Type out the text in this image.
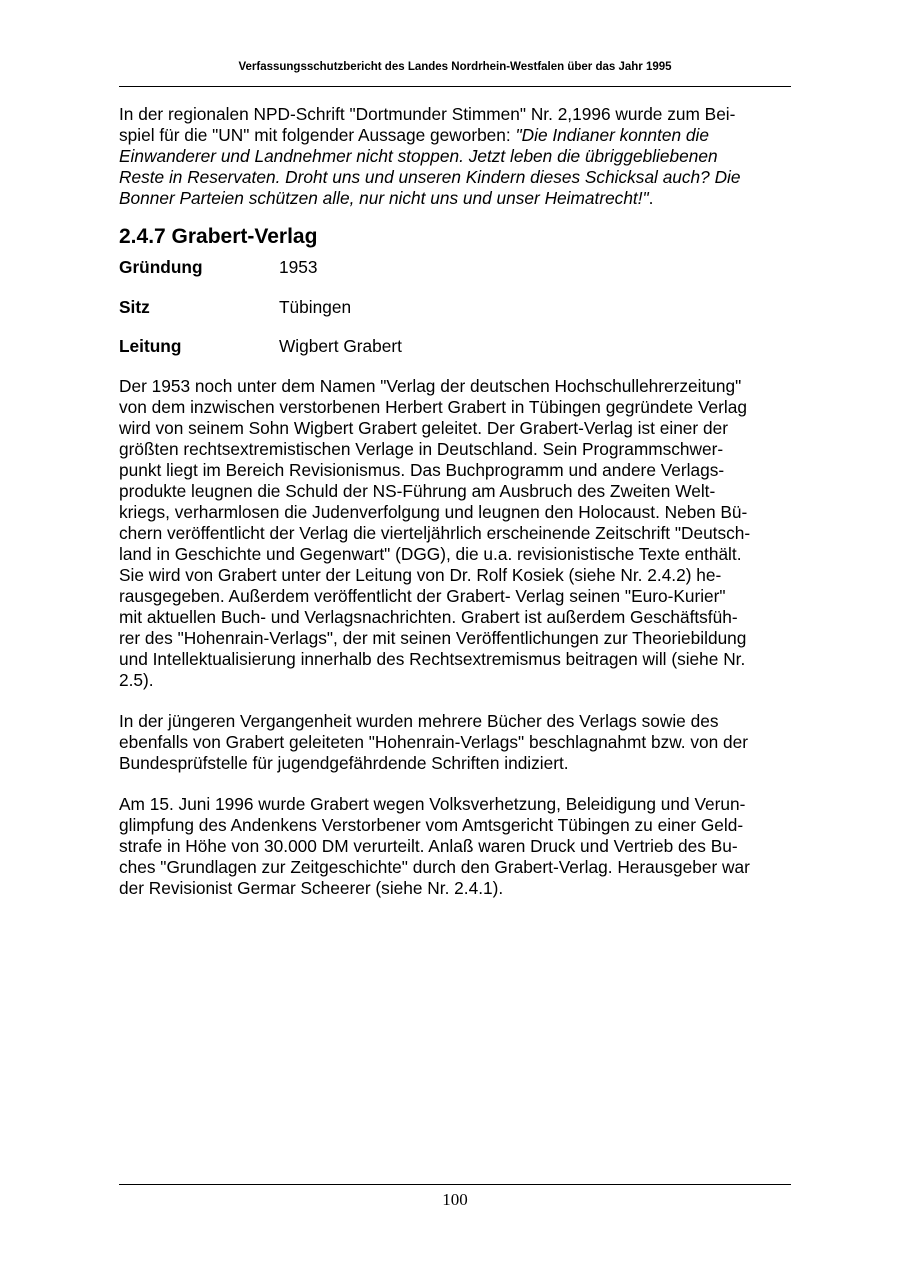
Verfassungsschutzbericht des Landes Nordrhein-Westfalen über das Jahr 1995
In der regionalen NPD-Schrift "Dortmunder Stimmen" Nr. 2,1996 wurde zum Bei-
spiel für die "UN" mit folgender Aussage geworben: "Die Indianer konnten die
Einwanderer und Landnehmer nicht stoppen. Jetzt leben die übriggebliebenen
Reste in Reservaten. Droht uns und unseren Kindern dieses Schicksal auch? Die
Bonner Parteien schützen alle, nur nicht uns und unser Heimatrecht!".
2.4.7 Grabert-Verlag
Gründung	1953
Sitz	Tübingen
Leitung	Wigbert Grabert
Der 1953 noch unter dem Namen "Verlag der deutschen Hochschullehrerzeitung"
von dem inzwischen verstorbenen Herbert Grabert in Tübingen gegründete Verlag
wird von seinem Sohn Wigbert Grabert geleitet. Der Grabert-Verlag ist einer der
größten rechtsextremistischen Verlage in Deutschland. Sein Programmschwer-
punkt liegt im Bereich Revisionismus. Das Buchprogramm und andere Verlags-
produkte leugnen die Schuld der NS-Führung am Ausbruch des Zweiten Welt-
kriegs, verharmlosen die Judenverfolgung und leugnen den Holocaust. Neben Bü-
chern veröffentlicht der Verlag die vierteljährlich erscheinende Zeitschrift "Deutsch-
land in Geschichte und Gegenwart" (DGG), die u.a. revisionistische Texte enthält.
Sie wird von Grabert unter der Leitung von Dr. Rolf Kosiek (siehe Nr. 2.4.2) he-
rausgegeben. Außerdem veröffentlicht der Grabert- Verlag seinen "Euro-Kurier"
mit aktuellen Buch- und Verlagsnachrichten. Grabert ist außerdem Geschäftsfüh-
rer des "Hohenrain-Verlags", der mit seinen Veröffentlichungen zur Theoriebildung
und Intellektualisierung innerhalb des Rechtsextremismus beitragen will (siehe Nr.
2.5).
In der jüngeren Vergangenheit wurden mehrere Bücher des Verlags sowie des
ebenfalls von Grabert geleiteten "Hohenrain-Verlags" beschlagnahmt bzw. von der
Bundesprüfstelle für jugendgefährdende Schriften indiziert.
Am 15. Juni 1996 wurde Grabert wegen Volksverhetzung, Beleidigung und Verun-
glimpfung des Andenkens Verstorbener vom Amtsgericht Tübingen zu einer Geld-
strafe in Höhe von 30.000 DM verurteilt. Anlaß waren Druck und Vertrieb des Bu-
ches "Grundlagen zur Zeitgeschichte" durch den Grabert-Verlag. Herausgeber war
der Revisionist Germar Scheerer (siehe Nr. 2.4.1).
100
